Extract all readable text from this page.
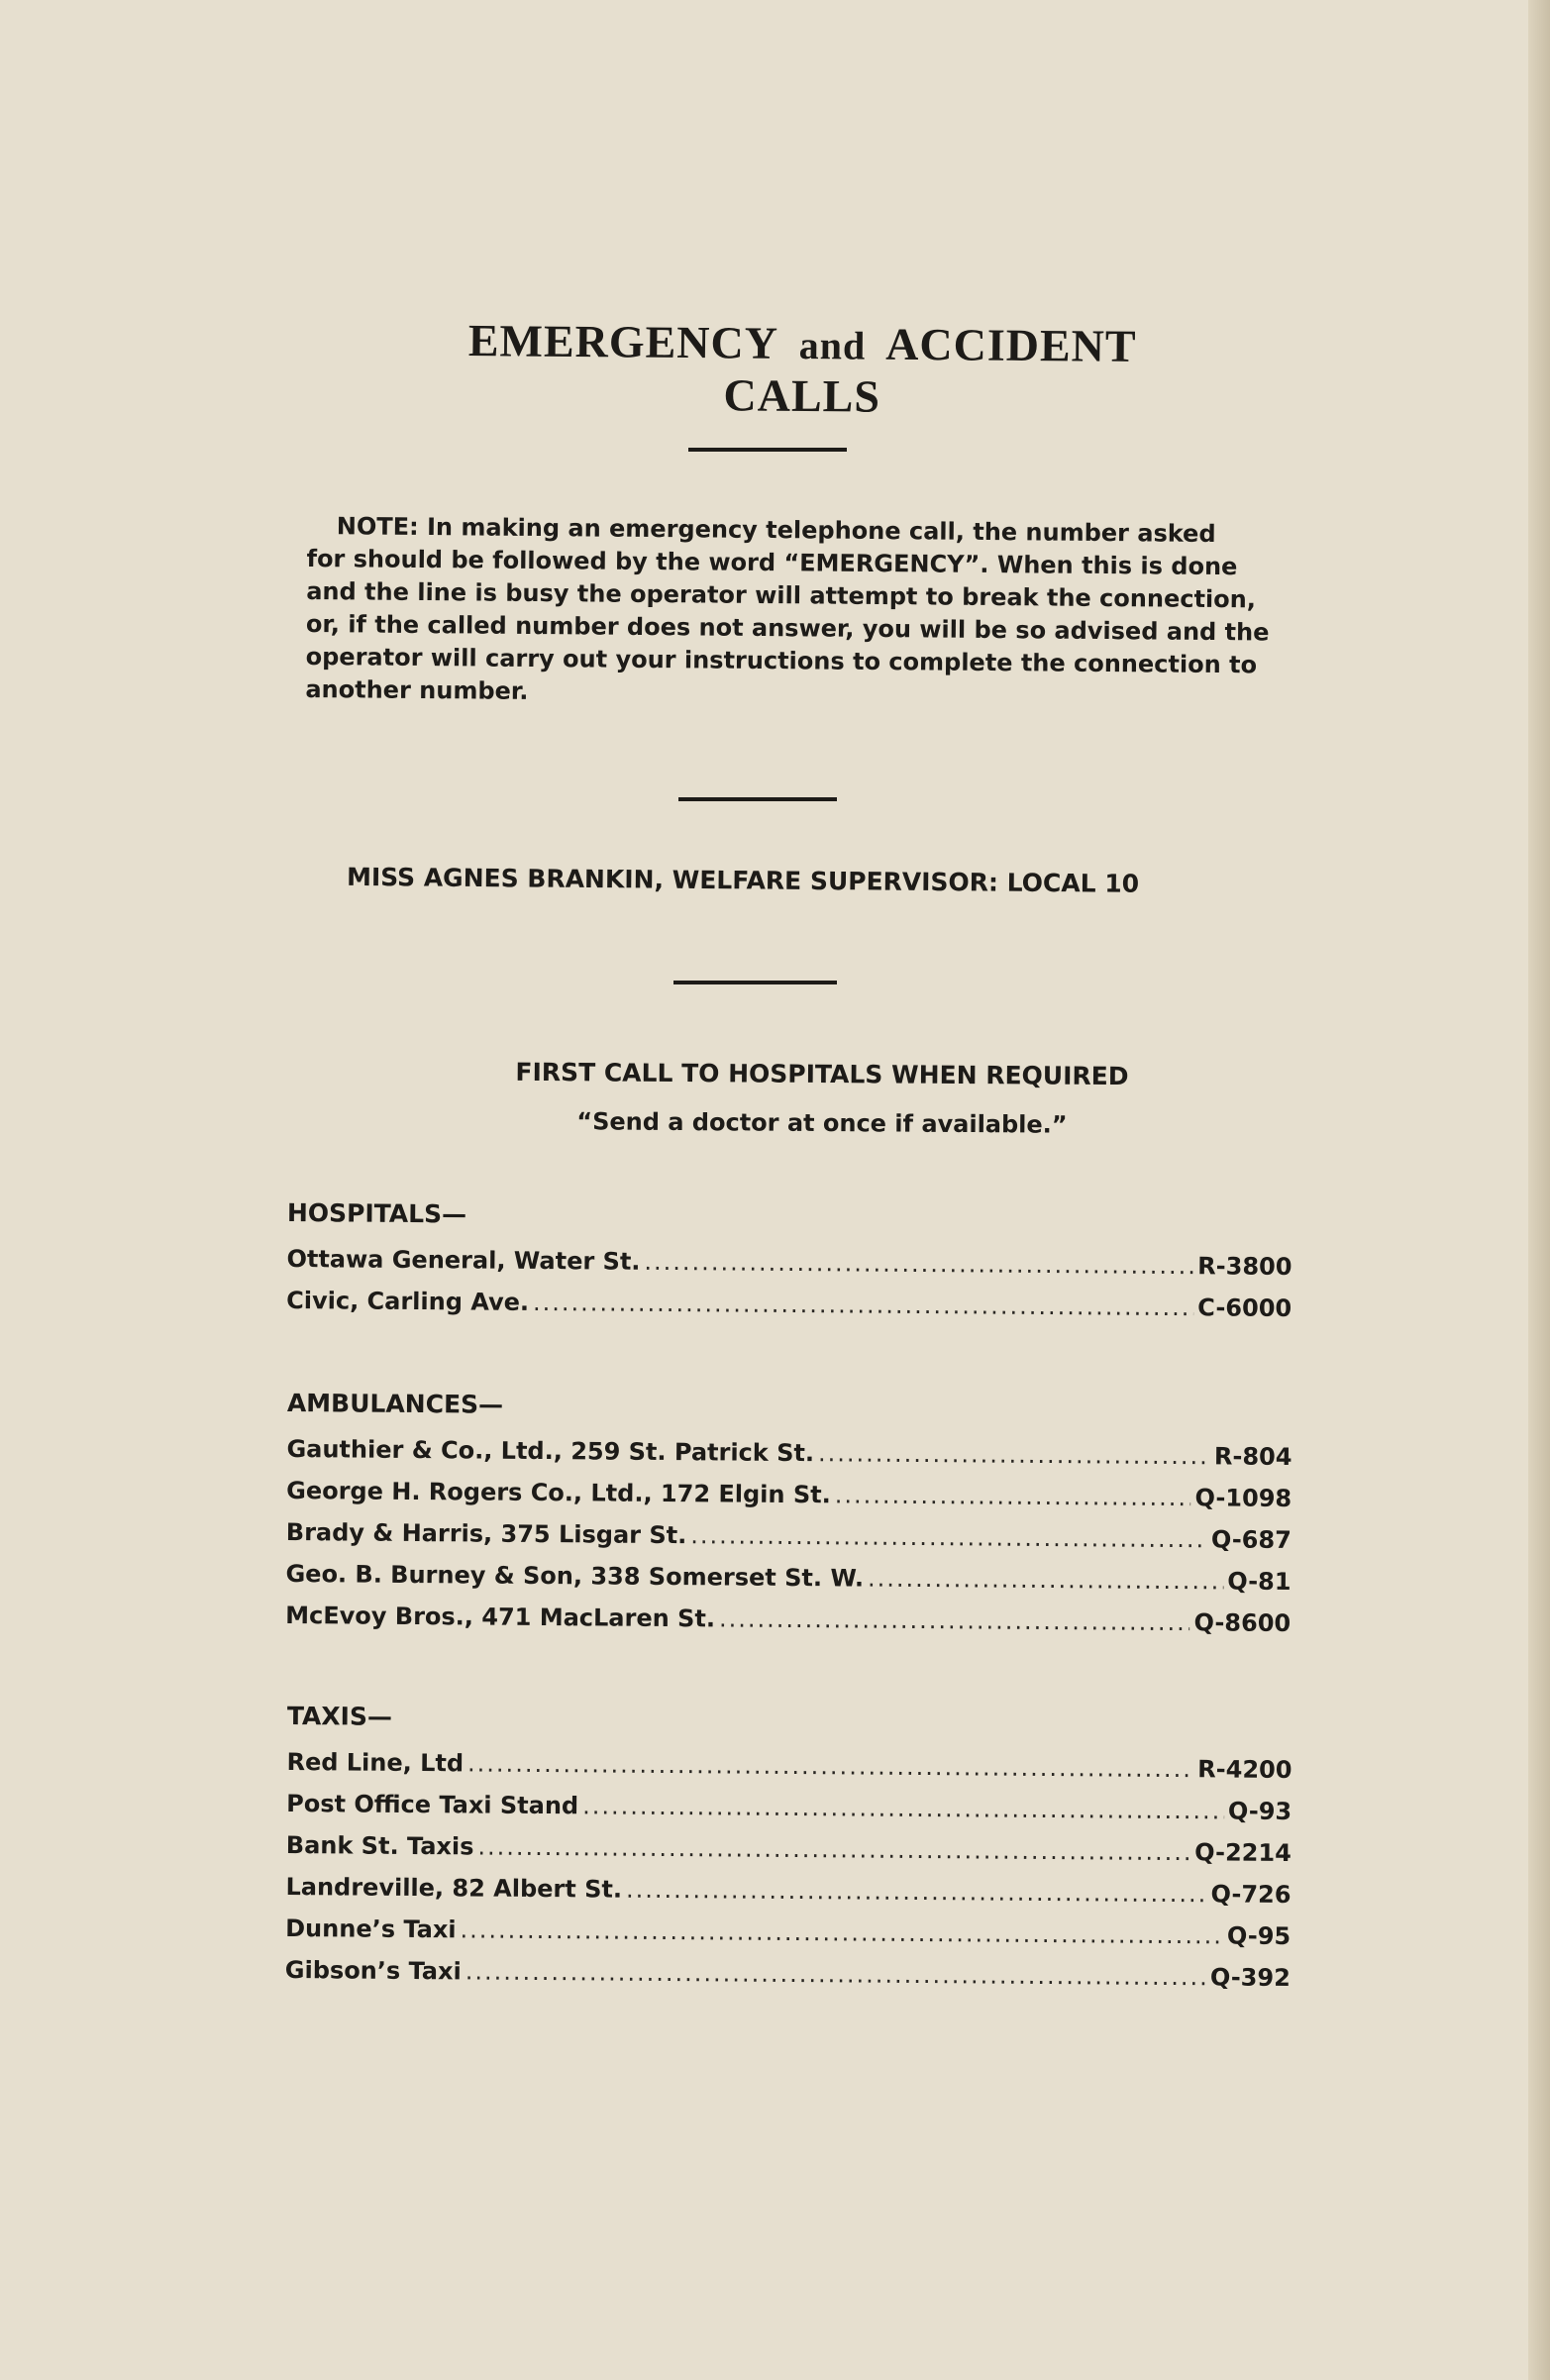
EMERGENCY and ACCIDENT CALLS
NOTE: In making an emergency telephone call, the number asked
for should be followed by the word “EMERGENCY”. When this is done
and the line is busy the operator will attempt to break the connection,
or, if the called number does not answer, you will be so advised and the
operator will carry out your instructions to complete the connection to
another number.
MISS AGNES BRANKIN, WELFARE SUPERVISOR: LOCAL 10
FIRST CALL TO HOSPITALS WHEN REQUIRED
“Send a doctor at once if available.”
HOSPITALS—
Ottawa General, Water St. .....	R-3800
Civic, Carling Ave. .....	C-6000
AMBULANCES—
Gauthier & Co., Ltd., 259 St. Patrick St. .....	R-804
George H. Rogers Co., Ltd., 172 Elgin St. .....	Q-1098
Brady & Harris, 375 Lisgar St. .....	Q-687
Geo. B. Burney & Son, 338 Somerset St. W. .....	Q-81
McEvoy Bros., 471 MacLaren St. .....	Q-8600
TAXIS—
Red Line, Ltd .....	R-4200
Post Office Taxi Stand .....	Q-93
Bank St. Taxis .....	Q-2214
Landreville, 82 Albert St. .....	Q-726
Dunne’s Taxi .....	Q-95
Gibson’s Taxi .....	Q-392
